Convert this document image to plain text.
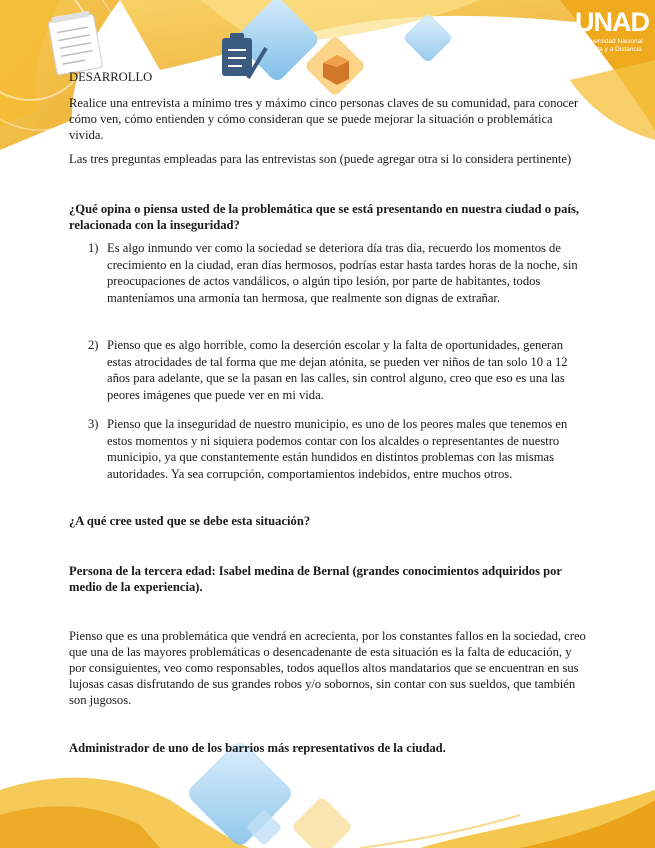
UNAD
Universidad Nacional
Abierta y a Distancia

DESARROLLO

Realice una entrevista a mínimo tres y máximo cinco personas claves de su comunidad, para conocer cómo ven, cómo entienden y cómo consideran que se puede mejorar la situación o problemática vivida.

Las tres preguntas empleadas para las entrevistas son (puede agregar otra si lo considera pertinente)

¿Qué opina o piensa usted de la problemática que se está presentando en nuestra ciudad o país, relacionada con la inseguridad?

1) Es algo inmundo ver como la sociedad se deteriora día tras día, recuerdo los momentos de crecimiento en la ciudad, eran días hermosos, podrías estar hasta tardes horas de la noche, sin preocupaciones de actos vandálicos, o algún tipo lesión, por parte de habitantes, todos manteníamos una armonía tan hermosa, que realmente son dignas de extrañar.
2) Pienso que es algo horrible, como la deserción escolar y la falta de oportunidades, generan estas atrocidades de tal forma que me dejan atónita, se pueden ver niños de tan solo 10 a 12 años para adelante, que se la pasan en las calles, sin control alguno, creo que eso es una las peores imágenes que puede ver en mi vida.
3) Pienso que la inseguridad de nuestro municipio, es uno de los peores males que tenemos en estos momentos y ni siquiera podemos contar con los alcaldes o representantes de nuestro municipio, ya que constantemente están hundidos en distintos problemas con las mismas autoridades. Ya sea corrupción, comportamientos indebidos, entre muchos otros.

¿A qué cree usted que se debe esta situación?

Persona de la tercera edad: Isabel medina de Bernal (grandes conocimientos adquiridos por medio de la experiencia).

Pienso que es una problemática que vendrá en acrecienta, por los constantes fallos en la sociedad, creo que una de las mayores problemáticas o desencadenante de esta situación es la falta de educación, y por consiguientes, veo como responsables, todos aquellos altos mandatarios que se encuentran en sus lujosas casas disfrutando de sus grandes robos y/o sobornos, sin contar con sus sueldos, que también son jugosos.

Administrador de uno de los barrios más representativos de la ciudad.
